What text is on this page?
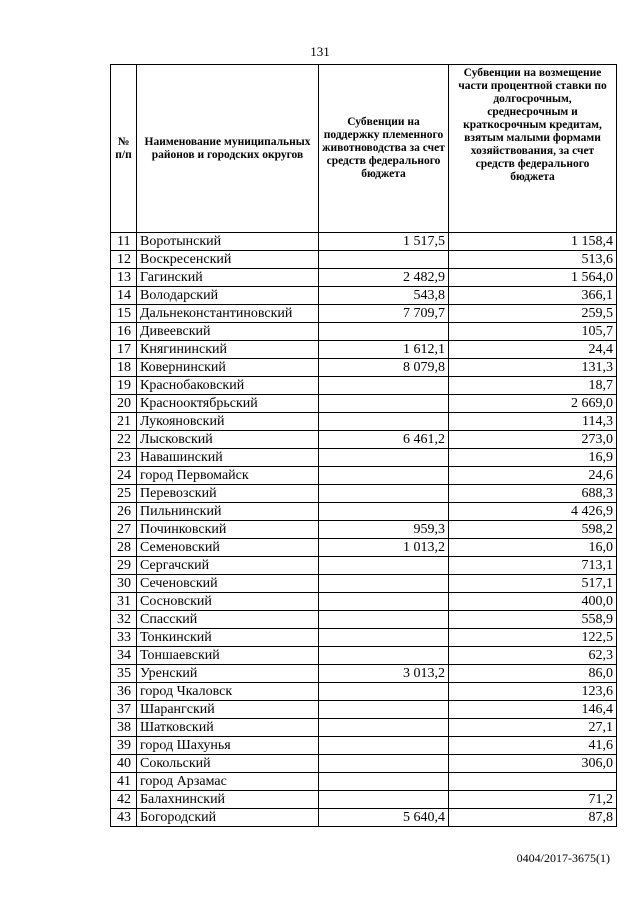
131
№ п/п	Наименование муниципальных районов и городских округов	Субвенции на поддержку племенного животноводства за счет средств федерального бюджета	Субвенции на возмещение части процентной ставки по долгосрочным, среднесрочным и краткосрочным кредитам, взятым малыми формами хозяйствования, за счет средств федерального бюджета
11	Воротынский	1 517,5	1 158,4
12	Воскресенский		513,6
13	Гагинский	2 482,9	1 564,0
14	Володарский	543,8	366,1
15	Дальнеконстантиновский	7 709,7	259,5
16	Дивеевский		105,7
17	Княгининский	1 612,1	24,4
18	Ковернинский	8 079,8	131,3
19	Краснобаковский		18,7
20	Краснооктябрьский		2 669,0
21	Лукояновский		114,3
22	Лысковский	6 461,2	273,0
23	Навашинский		16,9
24	город Первомайск		24,6
25	Перевозский		688,3
26	Пильнинский		4 426,9
27	Починковский	959,3	598,2
28	Семеновский	1 013,2	16,0
29	Сергачский		713,1
30	Сеченовский		517,1
31	Сосновский		400,0
32	Спасский		558,9
33	Тонкинский		122,5
34	Тоншаевский		62,3
35	Уренский	3 013,2	86,0
36	город Чкаловск		123,6
37	Шарангский		146,4
38	Шатковский		27,1
39	город Шахунья		41,6
40	Сокольский		306,0
41	город Арзамас		
42	Балахнинский		71,2
43	Богородский	5 640,4	87,8
0404/2017-3675(1)
